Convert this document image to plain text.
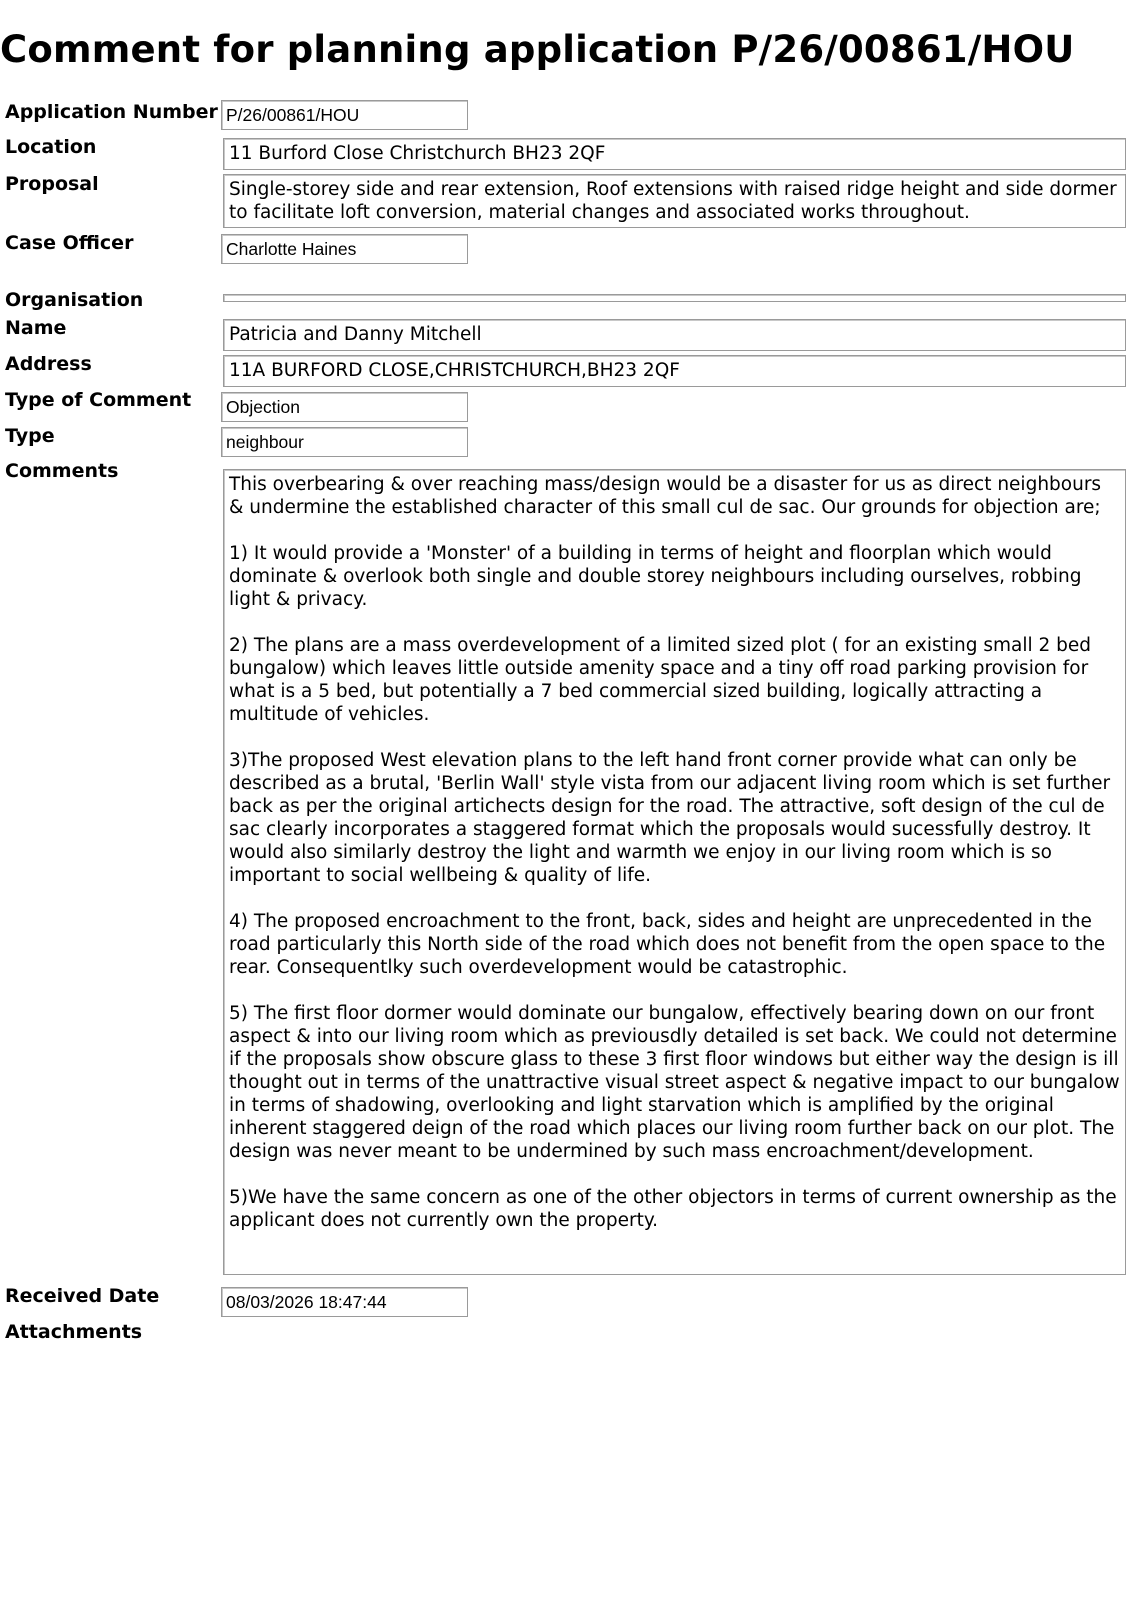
Comment for planning application P/26/00861/HOU
Application Number P/26/00861/HOU
Location	11 Burford Close Christchurch BH23 2QF
Proposal	Single-storey side and rear extension, Roof extensions with raised ridge height and side dormer to facilitate loft conversion, material changes and associated works throughout.
Case Officer	Charlotte Haines
Organisation
Name	Patricia and Danny Mitchell
Address	11A BURFORD CLOSE,CHRISTCHURCH,BH23 2QF
Type of Comment Objection
Type	neighbour
Comments

This overbearing & over reaching mass/design would be a disaster for us as direct neighbours & undermine the established character of this small cul de sac. Our grounds for objection are;

1) It would provide a 'Monster' of a building in terms of height and floorplan which would dominate & overlook both single and double storey neighbours including ourselves, robbing light & privacy.

2) The plans are a mass overdevelopment of a limited sized plot ( for an existing small 2 bed bungalow) which leaves little outside amenity space and a tiny off road parking provision for what is a 5 bed, but potentially a 7 bed commercial sized building, logically attracting a multitude of vehicles.

3)The proposed West elevation plans to the left hand front corner provide what can only be described as a brutal, 'Berlin Wall' style vista from our adjacent living room which is set further back as per the original artichects design for the road. The attractive, soft design of the cul de sac clearly incorporates a staggered format which the proposals would sucessfully destroy. It would also similarly destroy the light and warmth we enjoy in our living room which is so important to social wellbeing & quality of life.

4) The proposed encroachment to the front, back, sides and height are unprecedented in the road particularly this North side of the road which does not benefit from the open space to the rear. Consequentlky such overdevelopment would be catastrophic.

5) The first floor dormer would dominate our bungalow, effectively bearing down on our front aspect & into our living room which as previousdly detailed is set back. We could not determine if the proposals show obscure glass to these 3 first floor windows but either way the design is ill thought out in terms of the unattractive visual street aspect & negative impact to our bungalow in terms of shadowing, overlooking and light starvation which is amplified by the original inherent staggered deign of the road which places our living room further back on our plot. The design was never meant to be undermined by such mass encroachment/development.

5)We have the same concern as one of the other objectors in terms of current ownership as the applicant does not currently own the property.

Received Date	08/03/2026 18:47:44
Attachments
